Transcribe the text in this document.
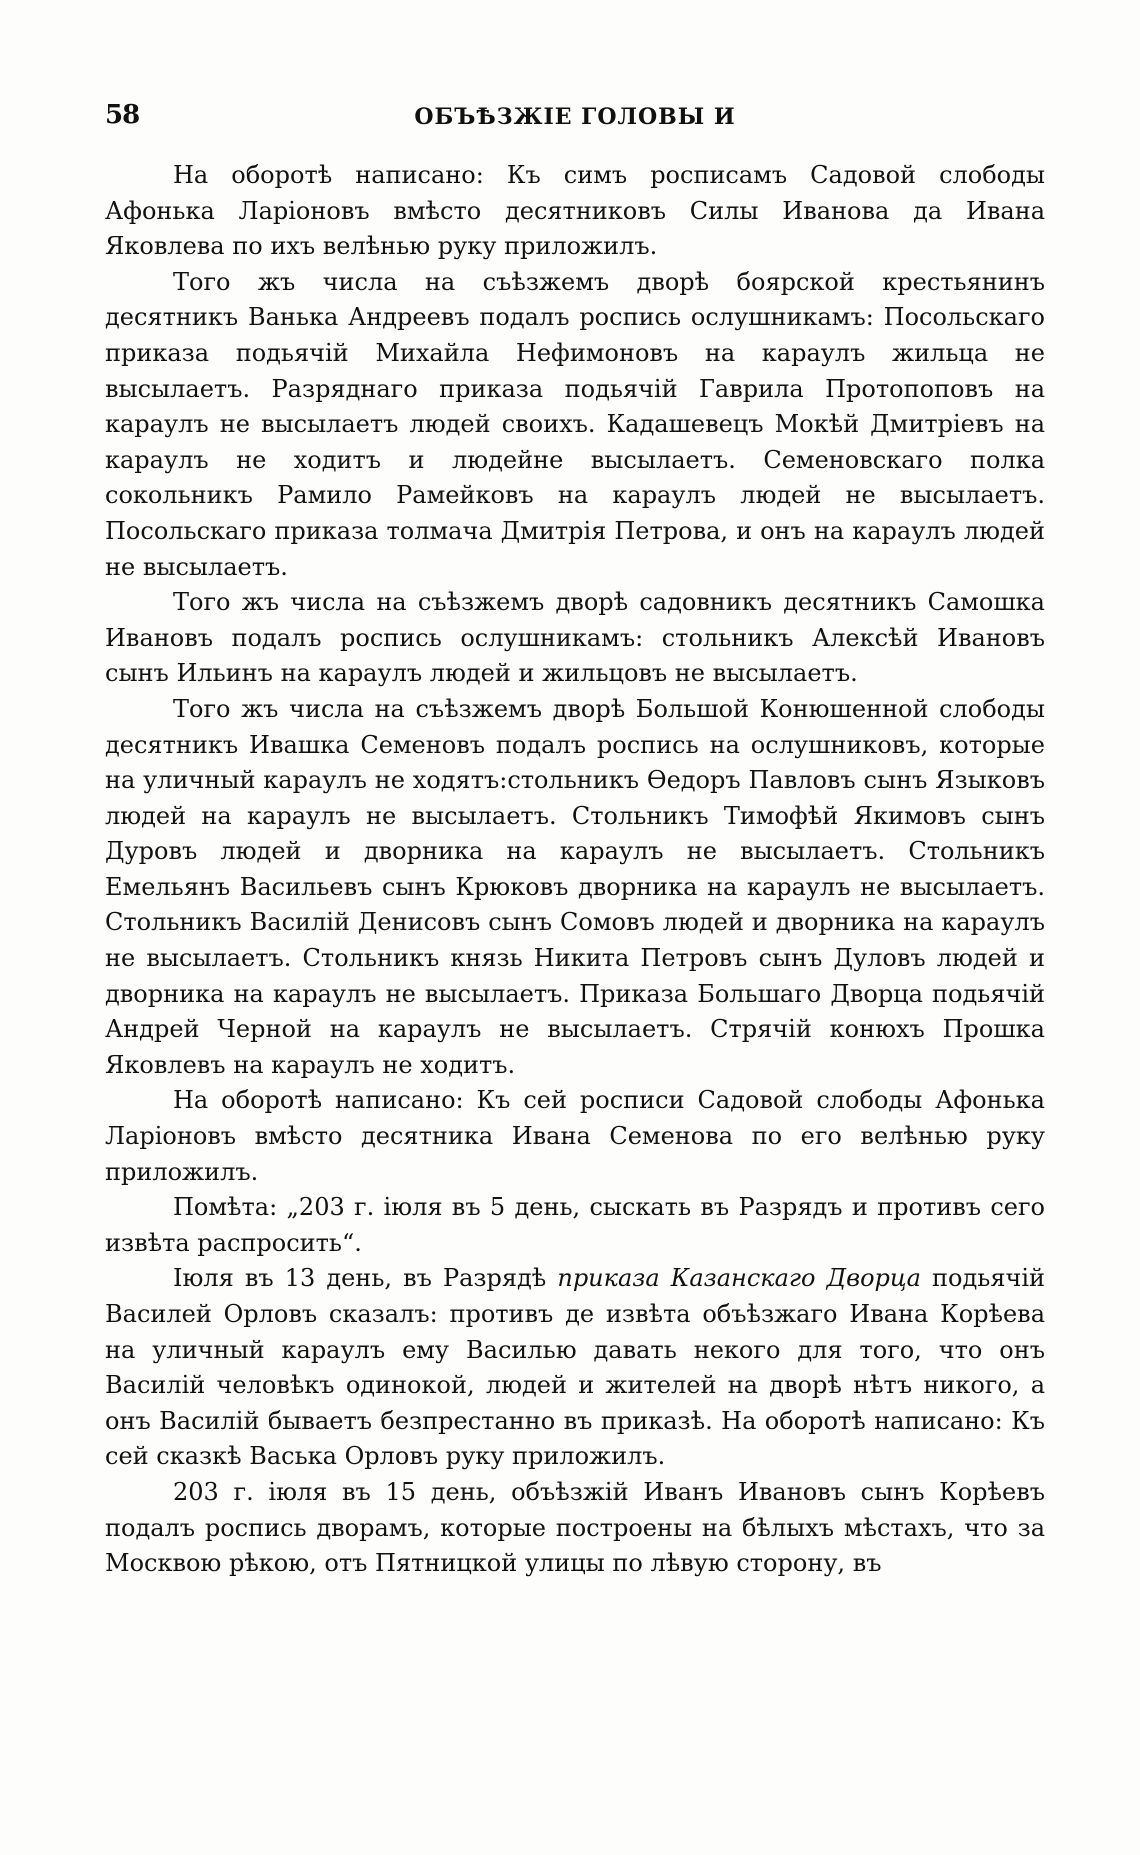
58	ОБЪѢЗЖІЕ ГОЛОВЫ И

На оборотѣ написано: Къ симъ росписамъ Садовой слободы Афонька Ларіоновъ вмѣсто десятниковъ Силы Иванова да Ивана Яковлева по ихъ велѣнью руку приложилъ.

Того жъ числа на съѣзжемъ дворѣ боярской крестьянинъ десятникъ Ванька Андреевъ подалъ роспись ослушникамъ: Посольскаго приказа подьячій Михайла Нефимоновъ на караулъ жильца не высылаетъ. Разряднаго приказа подьячій Гаврила Протопоповъ на караулъ не высылаетъ людей своихъ. Кадашевецъ Мокѣй Дмитріевъ на караулъ не ходитъ и людейне высылаетъ. Семеновскаго полка сокольникъ Рамило Рамейковъ на караулъ людей не высылаетъ. Посольскаго приказа толмача Дмитрія Петрова, и онъ на караулъ людей не высылаетъ.

Того жъ числа на съѣзжемъ дворѣ садовникъ десятникъ Самошка Ивановъ подалъ роспись ослушникамъ: стольникъ Алексѣй Ивановъ сынъ Ильинъ на караулъ людей и жильцовъ не высылаетъ.

Того жъ числа на съѣзжемъ дворѣ Большой Конюшенной слободы десятникъ Ивашка Семеновъ подалъ роспись на ослушниковъ, которые на уличный караулъ не ходятъ:стольникъ Ѳедоръ Павловъ сынъ Языковъ людей на караулъ не высылаетъ. Стольникъ Тимофѣй Якимовъ сынъ Дуровъ людей и дворника на караулъ не высылаетъ. Стольникъ Емельянъ Васильевъ сынъ Крюковъ дворника на караулъ не высылаетъ. Стольникъ Василій Денисовъ сынъ Сомовъ людей и дворника на караулъ не высылаетъ. Стольникъ князь Никита Петровъ сынъ Дуловъ людей и дворника на караулъ не высылаетъ. Приказа Большаго Дворца подьячій Андрей Черной на караулъ не высылаетъ. Стрячій конюхъ Прошка Яковлевъ на караулъ не ходитъ.

На оборотѣ написано: Къ сей росписи Садовой слободы Афонька Ларіоновъ вмѣсто десятника Ивана Семенова по его велѣнью руку приложилъ.

Помѣта: „203 г. іюля въ 5 день, сыскать въ Разрядъ и противъ сего извѣта распросить“.

Іюля въ 13 день, въ Разрядѣ приказа Казанскаго Дворца подьячій Василей Орловъ сказалъ: противъ де извѣта объѣзжаго Ивана Корѣева на уличный караулъ ему Василью давать некого для того, что онъ Василій человѣкъ одинокой, людей и жителей на дворѣ нѣтъ никого, а онъ Василій бываетъ безпрестанно въ приказѣ. На оборотѣ написано: Къ сей сказкѣ Васька Орловъ руку приложилъ.

203 г. іюля въ 15 день, объѣзжій Иванъ Ивановъ сынъ Корѣевъ подалъ роспись дворамъ, которые построены на бѣлыхъ мѣстахъ, что за Москвою рѣкою, отъ Пятницкой улицы по лѣвую сторону, въ
